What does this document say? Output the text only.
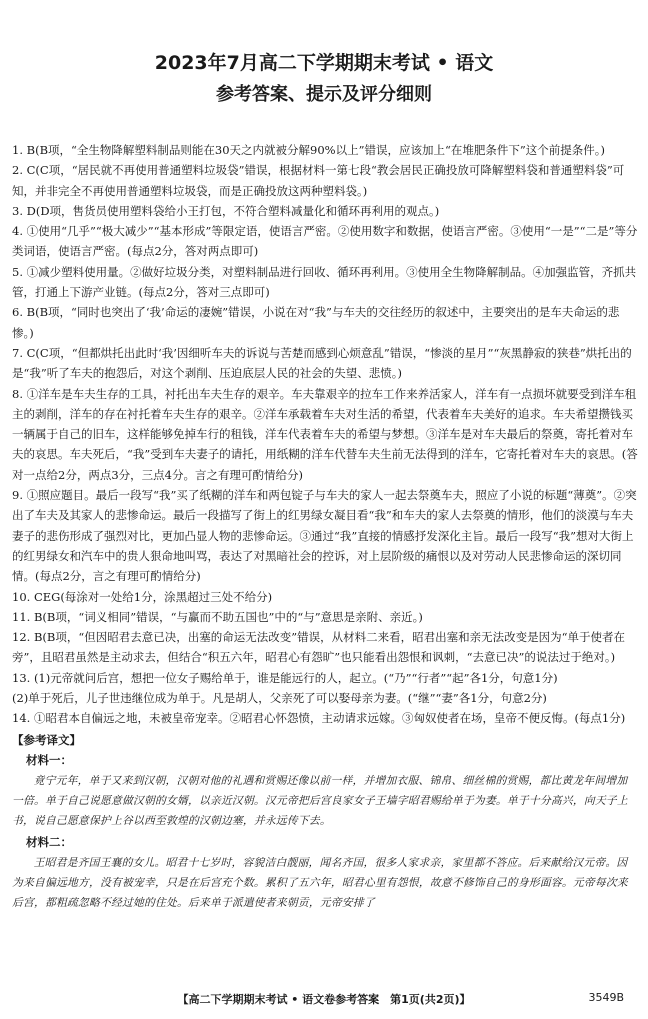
2023年7月高二下学期期末考试 • 语文
参考答案、提示及评分细则

1. B(B项，“全生物降解塑料制品则能在30天之内就被分解90%以上”错误，应该加上“在堆肥条件下”这个前提条件。)

2. C(C项，“居民就不再使用普通塑料垃圾袋”错误，根据材料一第七段“教会居民正确投放可降解塑料袋和普通塑料袋”可知，并非完全不再使用普通塑料垃圾袋，而是正确投放这两种塑料袋。)

3. D(D项，售货员使用塑料袋给小王打包，不符合塑料减量化和循环再利用的观点。)

4. ①使用“几乎”“极大减少”“基本形成”等限定语，使语言严密。②使用数字和数据，使语言严密。③使用“一是”“二是”等分类词语，使语言严密。(每点2分，答对两点即可)

5. ①减少塑料使用量。②做好垃圾分类，对塑料制品进行回收、循环再利用。③使用全生物降解制品。④加强监管，齐抓共管，打通上下游产业链。(每点2分，答对三点即可)

6. B(B项，“同时也突出了‘我’命运的凄婉”错误，小说在对“我”与车夫的交往经历的叙述中，主要突出的是车夫命运的悲惨。)

7. C(C项，“但都烘托出此时‘我’因细听车夫的诉说与苦楚而感到心烦意乱”错误，“惨淡的星月”“灰黑静寂的狭巷”烘托出的是“我”听了车夫的抱怨后，对这个剥削、压迫底层人民的社会的失望、悲愤。)

8. ①洋车是车夫生存的工具，衬托出车夫生存的艰辛。车夫靠艰辛的拉车工作来养活家人，洋车有一点损坏就要受到洋车租主的剥削，洋车的存在衬托着车夫生存的艰辛。②洋车承载着车夫对生活的希望，代表着车夫美好的追求。车夫希望攒钱买一辆属于自己的旧车，这样能够免掉车行的租钱，洋车代表着车夫的希望与梦想。③洋车是对车夫最后的祭奠，寄托着对车夫的哀思。车夫死后，“我”受到车夫妻子的请托，用纸糊的洋车代替车夫生前无法得到的洋车，它寄托着对车夫的哀思。(答对一点给2分，两点3分，三点4分。言之有理可酌情给分)

9. ①照应题目。最后一段写“我”买了纸糊的洋车和两包锭子与车夫的家人一起去祭奠车夫，照应了小说的标题“薄奠”。②突出了车夫及其家人的悲惨命运。最后一段描写了街上的红男绿女凝目看“我”和车夫的家人去祭奠的情形，他们的淡漠与车夫妻子的悲伤形成了强烈对比，更加凸显人物的悲惨命运。③通过“我”直接的情感抒发深化主旨。最后一段写“我”想对大街上的红男绿女和汽车中的贵人狠命地叫骂，表达了对黑暗社会的控诉，对上层阶级的痛恨以及对劳动人民悲惨命运的深切同情。(每点2分，言之有理可酌情给分)

10. CEG(每涂对一处给1分，涂黑超过三处不给分)

11. B(B项，“词义相同”错误，“与赢而不助五国也”中的“与”意思是亲附、亲近。)

12. B(B项，“但因昭君去意已决，出塞的命运无法改变”错误，从材料二来看，昭君出塞和亲无法改变是因为“单于使者在旁”，且昭君虽然是主动求去，但结合“积五六年，昭君心有怨旷”也只能看出怨恨和讽刺，“去意已决”的说法过于绝对。)

13. (1)元帝就问后宫，想把一位女子赐给单于，谁是能远行的人，起立。(“乃”“行者”“起”各1分，句意1分)
(2)单于死后，儿子世违继位成为单于。凡是胡人，父亲死了可以娶母亲为妻。(“继”“妻”各1分，句意2分)

14. ①昭君本自偏远之地，未被皇帝宠幸。②昭君心怀怨愤，主动请求远嫁。③匈奴使者在场，皇帝不便反悔。(每点1分)

【参考译文】
材料一：

竟宁元年，单于又来到汉朝，汉朝对他的礼遇和赏赐还像以前一样，并增加衣服、锦帛、细丝棉的赏赐，都比黄龙年间增加一倍。单于自己说愿意做汉朝的女婿，以亲近汉朝。汉元帝把后宫良家女子王墙字昭君赐给单于为妻。单于十分高兴，向天子上书，说自己愿意保护上谷以西至敦煌的汉朝边塞，并永远传下去。

材料二：

王昭君是齐国王襄的女儿。昭君十七岁时，容貌洁白靓丽，闻名齐国，很多人家求亲，家里都不答应。后来献给汉元帝。因为来自偏远地方，没有被宠幸，只是在后宫充个数。累积了五六年，昭君心里有怨恨，故意不修饰自己的身形面容。元帝每次来后宫，都粗疏忽略不经过她的住处。后来单于派遣使者来朝贡，元帝安排了

【高二下学期期末考试 • 语文卷参考答案　第1页(共2页)】	3549B
